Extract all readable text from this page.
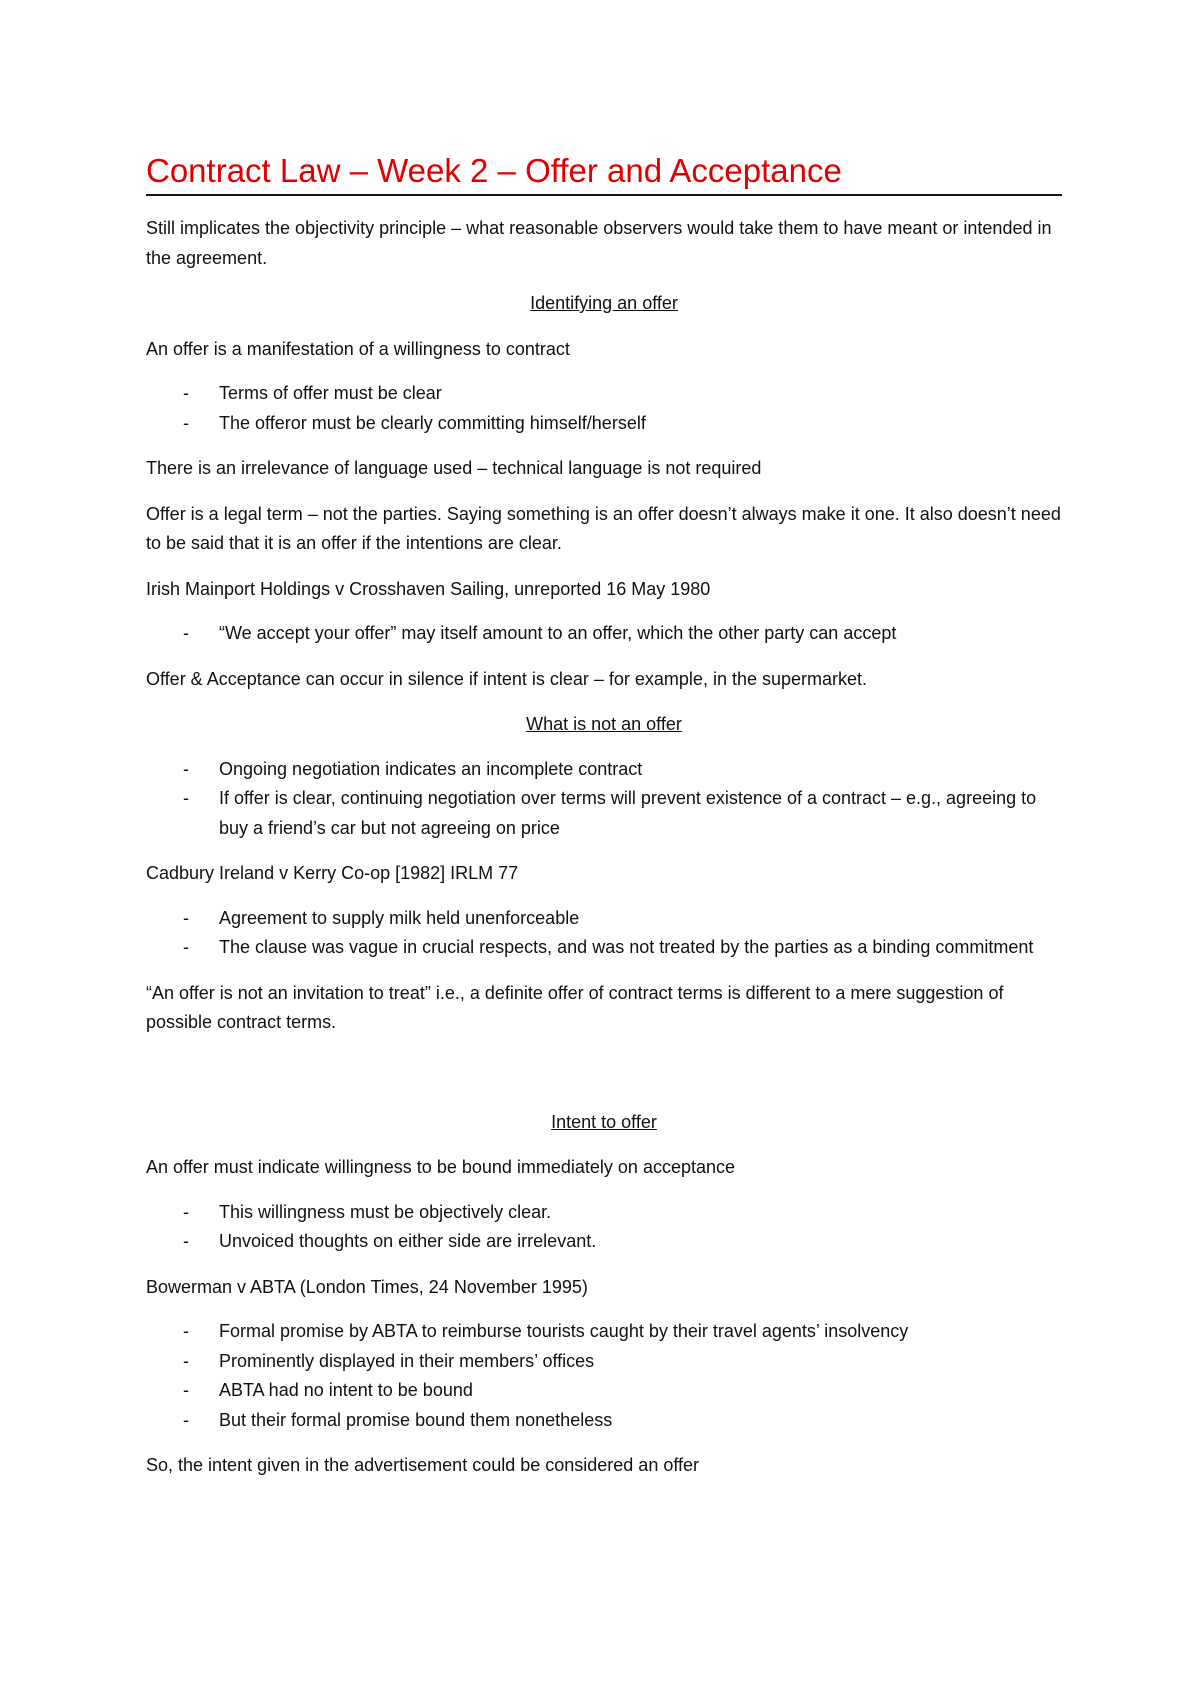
Contract Law – Week 2 – Offer and Acceptance

Still implicates the objectivity principle – what reasonable observers would take them to have meant or intended in the agreement.

Identifying an offer

An offer is a manifestation of a willingness to contract

- Terms of offer must be clear
- The offeror must be clearly committing himself/herself

There is an irrelevance of language used – technical language is not required

Offer is a legal term – not the parties. Saying something is an offer doesn’t always make it one. It also doesn’t need to be said that it is an offer if the intentions are clear.

Irish Mainport Holdings v Crosshaven Sailing, unreported 16 May 1980

- “We accept your offer” may itself amount to an offer, which the other party can accept

Offer & Acceptance can occur in silence if intent is clear – for example, in the supermarket.

What is not an offer
- Ongoing negotiation indicates an incomplete contract
- If offer is clear, continuing negotiation over terms will prevent existence of a contract – e.g., agreeing to buy a friend’s car but not agreeing on price

Cadbury Ireland v Kerry Co-op [1982] IRLM 77

- Agreement to supply milk held unenforceable
- The clause was vague in crucial respects, and was not treated by the parties as a binding commitment

“An offer is not an invitation to treat” i.e., a definite offer of contract terms is different to a mere suggestion of possible contract terms.

Intent to offer

An offer must indicate willingness to be bound immediately on acceptance

- This willingness must be objectively clear.
- Unvoiced thoughts on either side are irrelevant.

Bowerman v ABTA (London Times, 24 November 1995)

- Formal promise by ABTA to reimburse tourists caught by their travel agents’ insolvency
- Prominently displayed in their members’ offices
- ABTA had no intent to be bound
- But their formal promise bound them nonetheless

So, the intent given in the advertisement could be considered an offer
